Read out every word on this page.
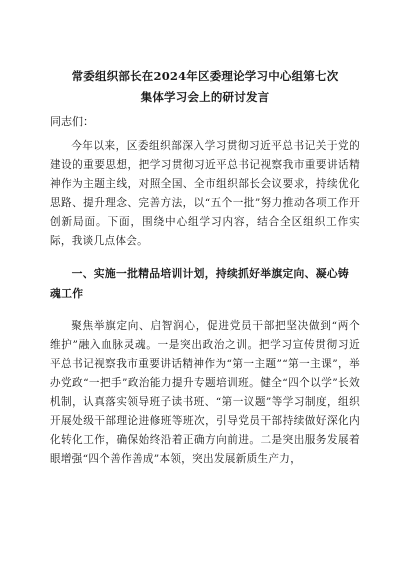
常委组织部长在2024年区委理论学习中心组第七次集体学习会上的研讨发言
同志们：

今年以来，区委组织部深入学习贯彻习近平总书记关于党的建设的重要思想，把学习贯彻习近平总书记视察我市重要讲话精神作为主题主线，对照全国、全市组织部长会议要求，持续优化思路、提升理念、完善方法，以“五个一批”努力推动各项工作开创新局面。下面，围绕中心组学习内容，结合全区组织工作实际，我谈几点体会。

一、实施一批精品培训计划，持续抓好举旗定向、凝心铸魂工作

聚焦举旗定向、启智润心，促进党员干部把坚决做到“两个维护”融入血脉灵魂。一是突出政治之训。把学习宣传贯彻习近平总书记视察我市重要讲话精神作为“第一主题”“第一主课”，举办党政“一把手”政治能力提升专题培训班。健全“四个以学”长效机制，认真落实领导班子读书班、“第一议题”等学习制度，组织开展处级干部理论进修班等班次，引导党员干部持续做好深化内化转化工作，确保始终沿着正确方向前进。二是突出服务发展着眼增强“四个善作善成”本领，突出发展新质生产力，
